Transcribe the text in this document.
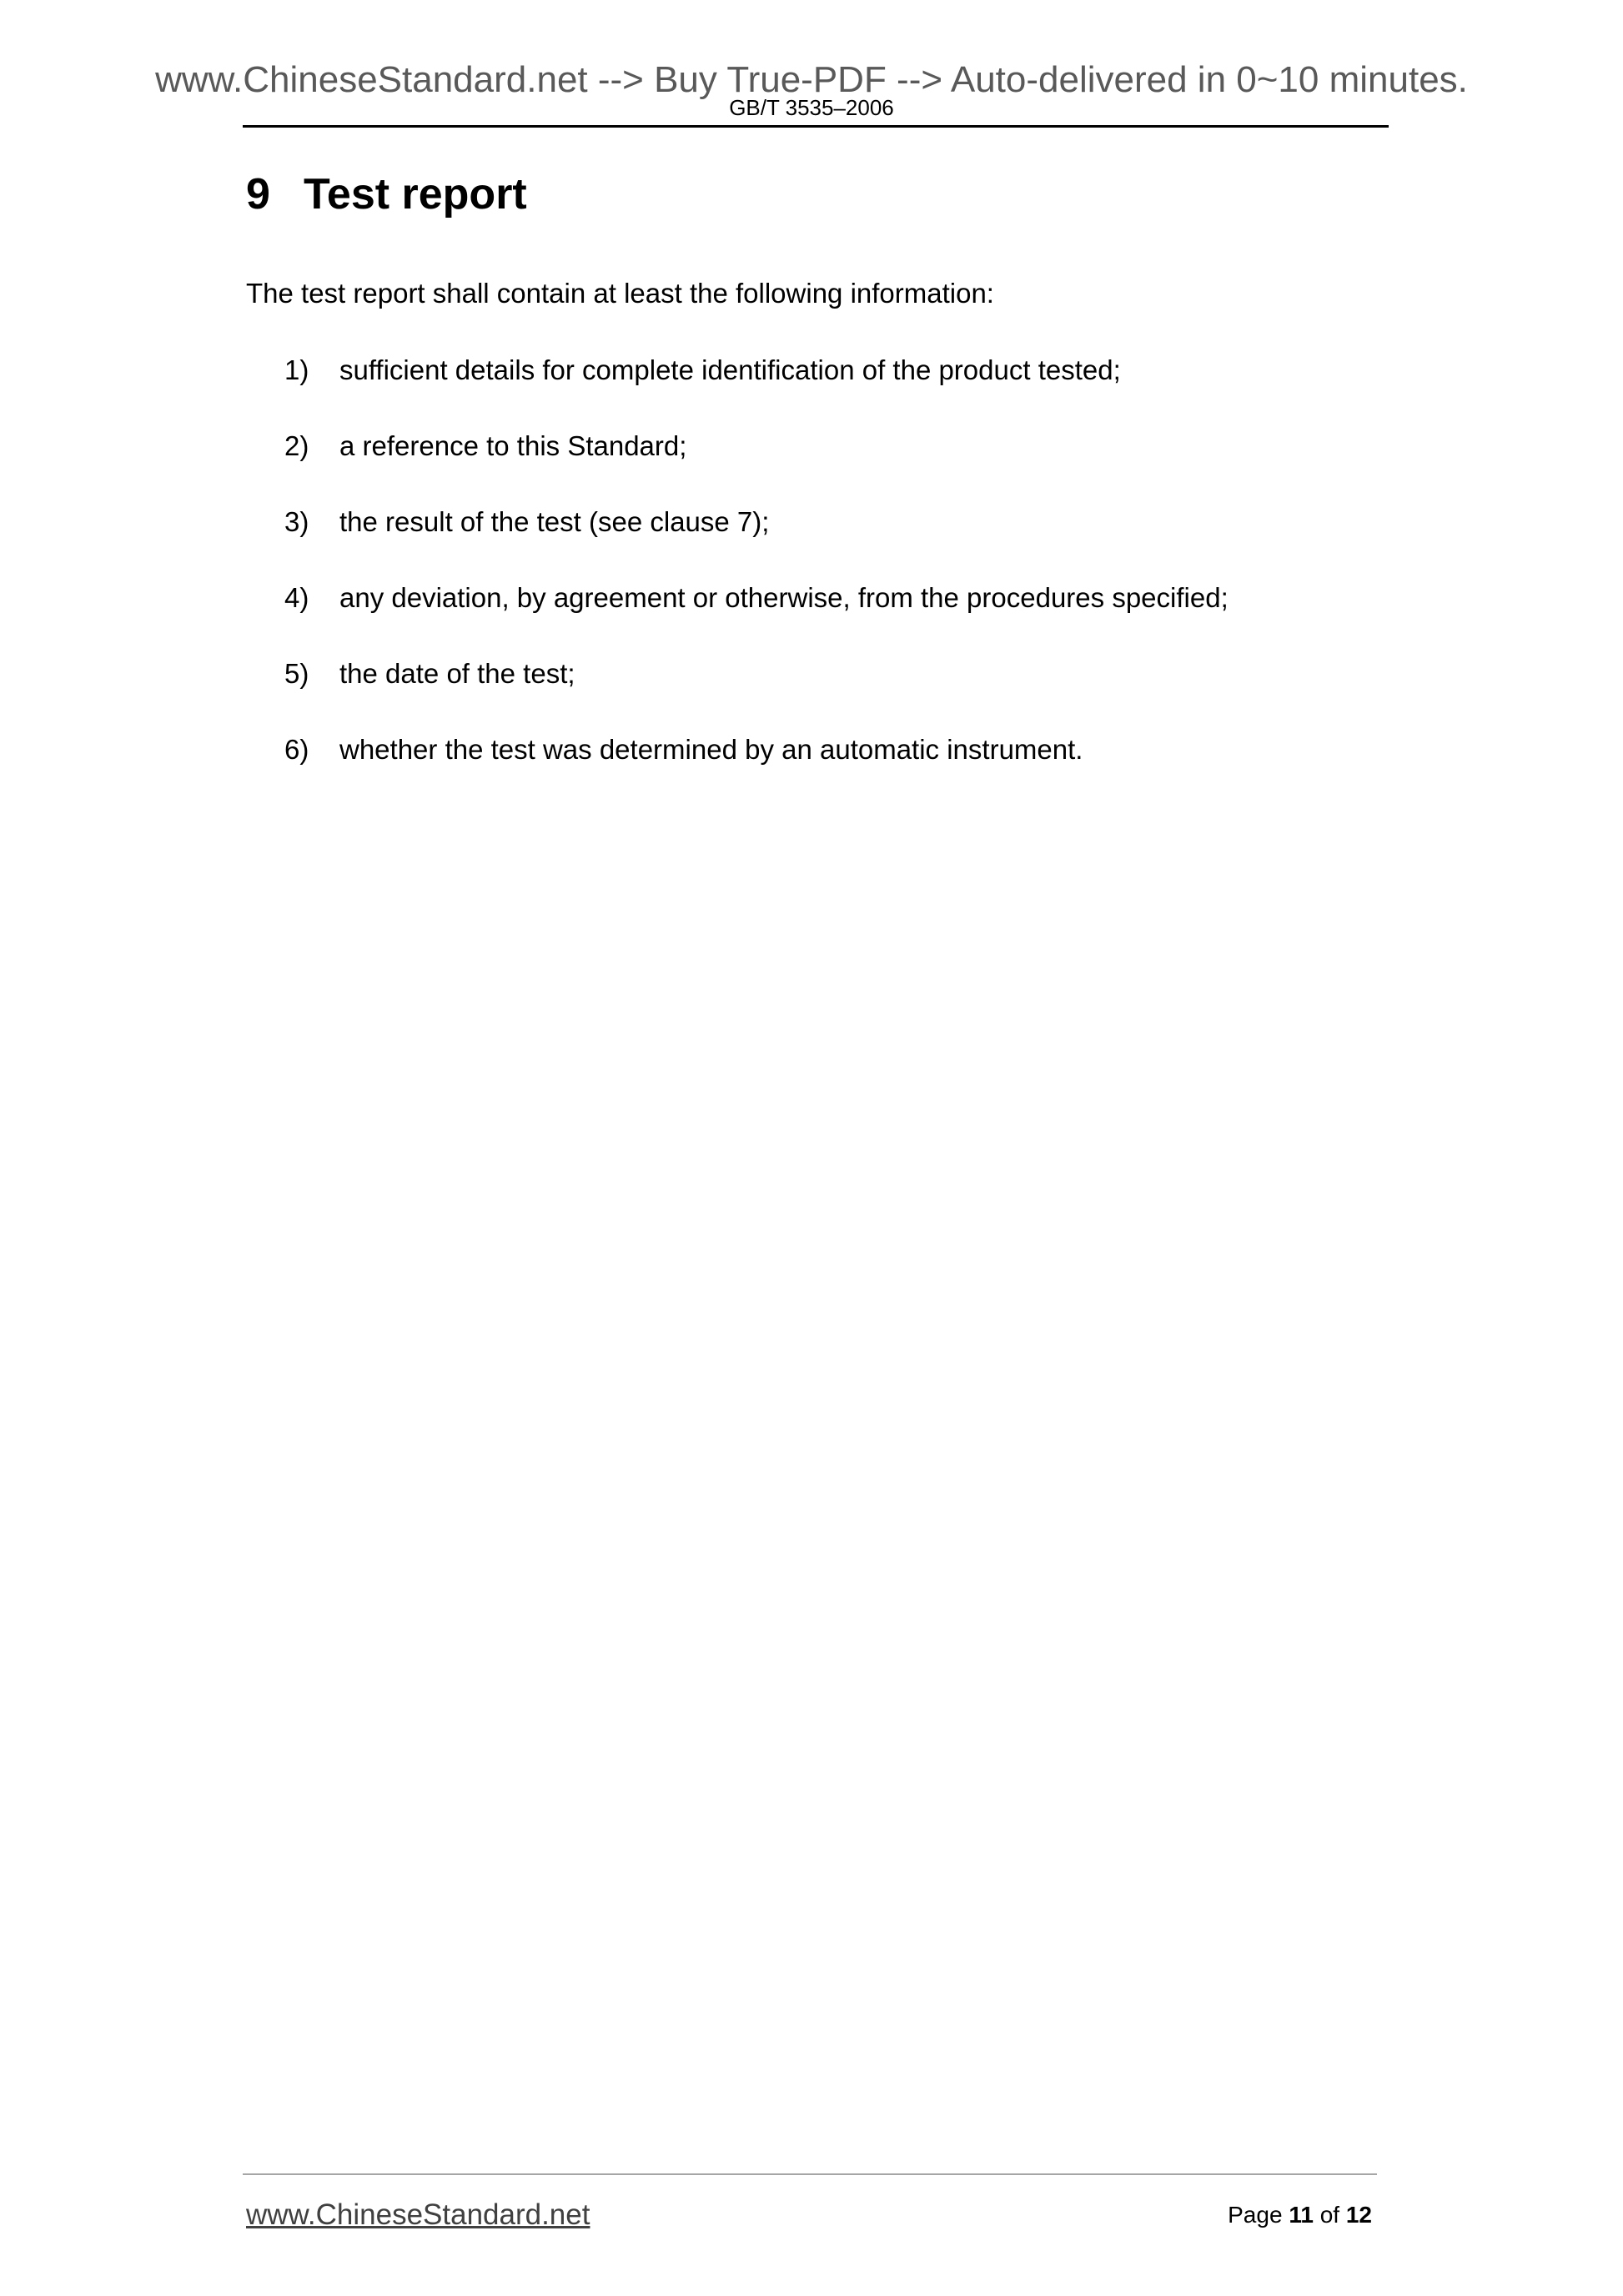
www.ChineseStandard.net --> Buy True-PDF --> Auto-delivered in 0~10 minutes.
GB/T 3535–2006
9 Test report
The test report shall contain at least the following information:
1) sufficient details for complete identification of the product tested;
2) a reference to this Standard;
3) the result of the test (see clause 7);
4) any deviation, by agreement or otherwise, from the procedures specified;
5) the date of the test;
6) whether the test was determined by an automatic instrument.
www.ChineseStandard.net	Page 11 of 12
